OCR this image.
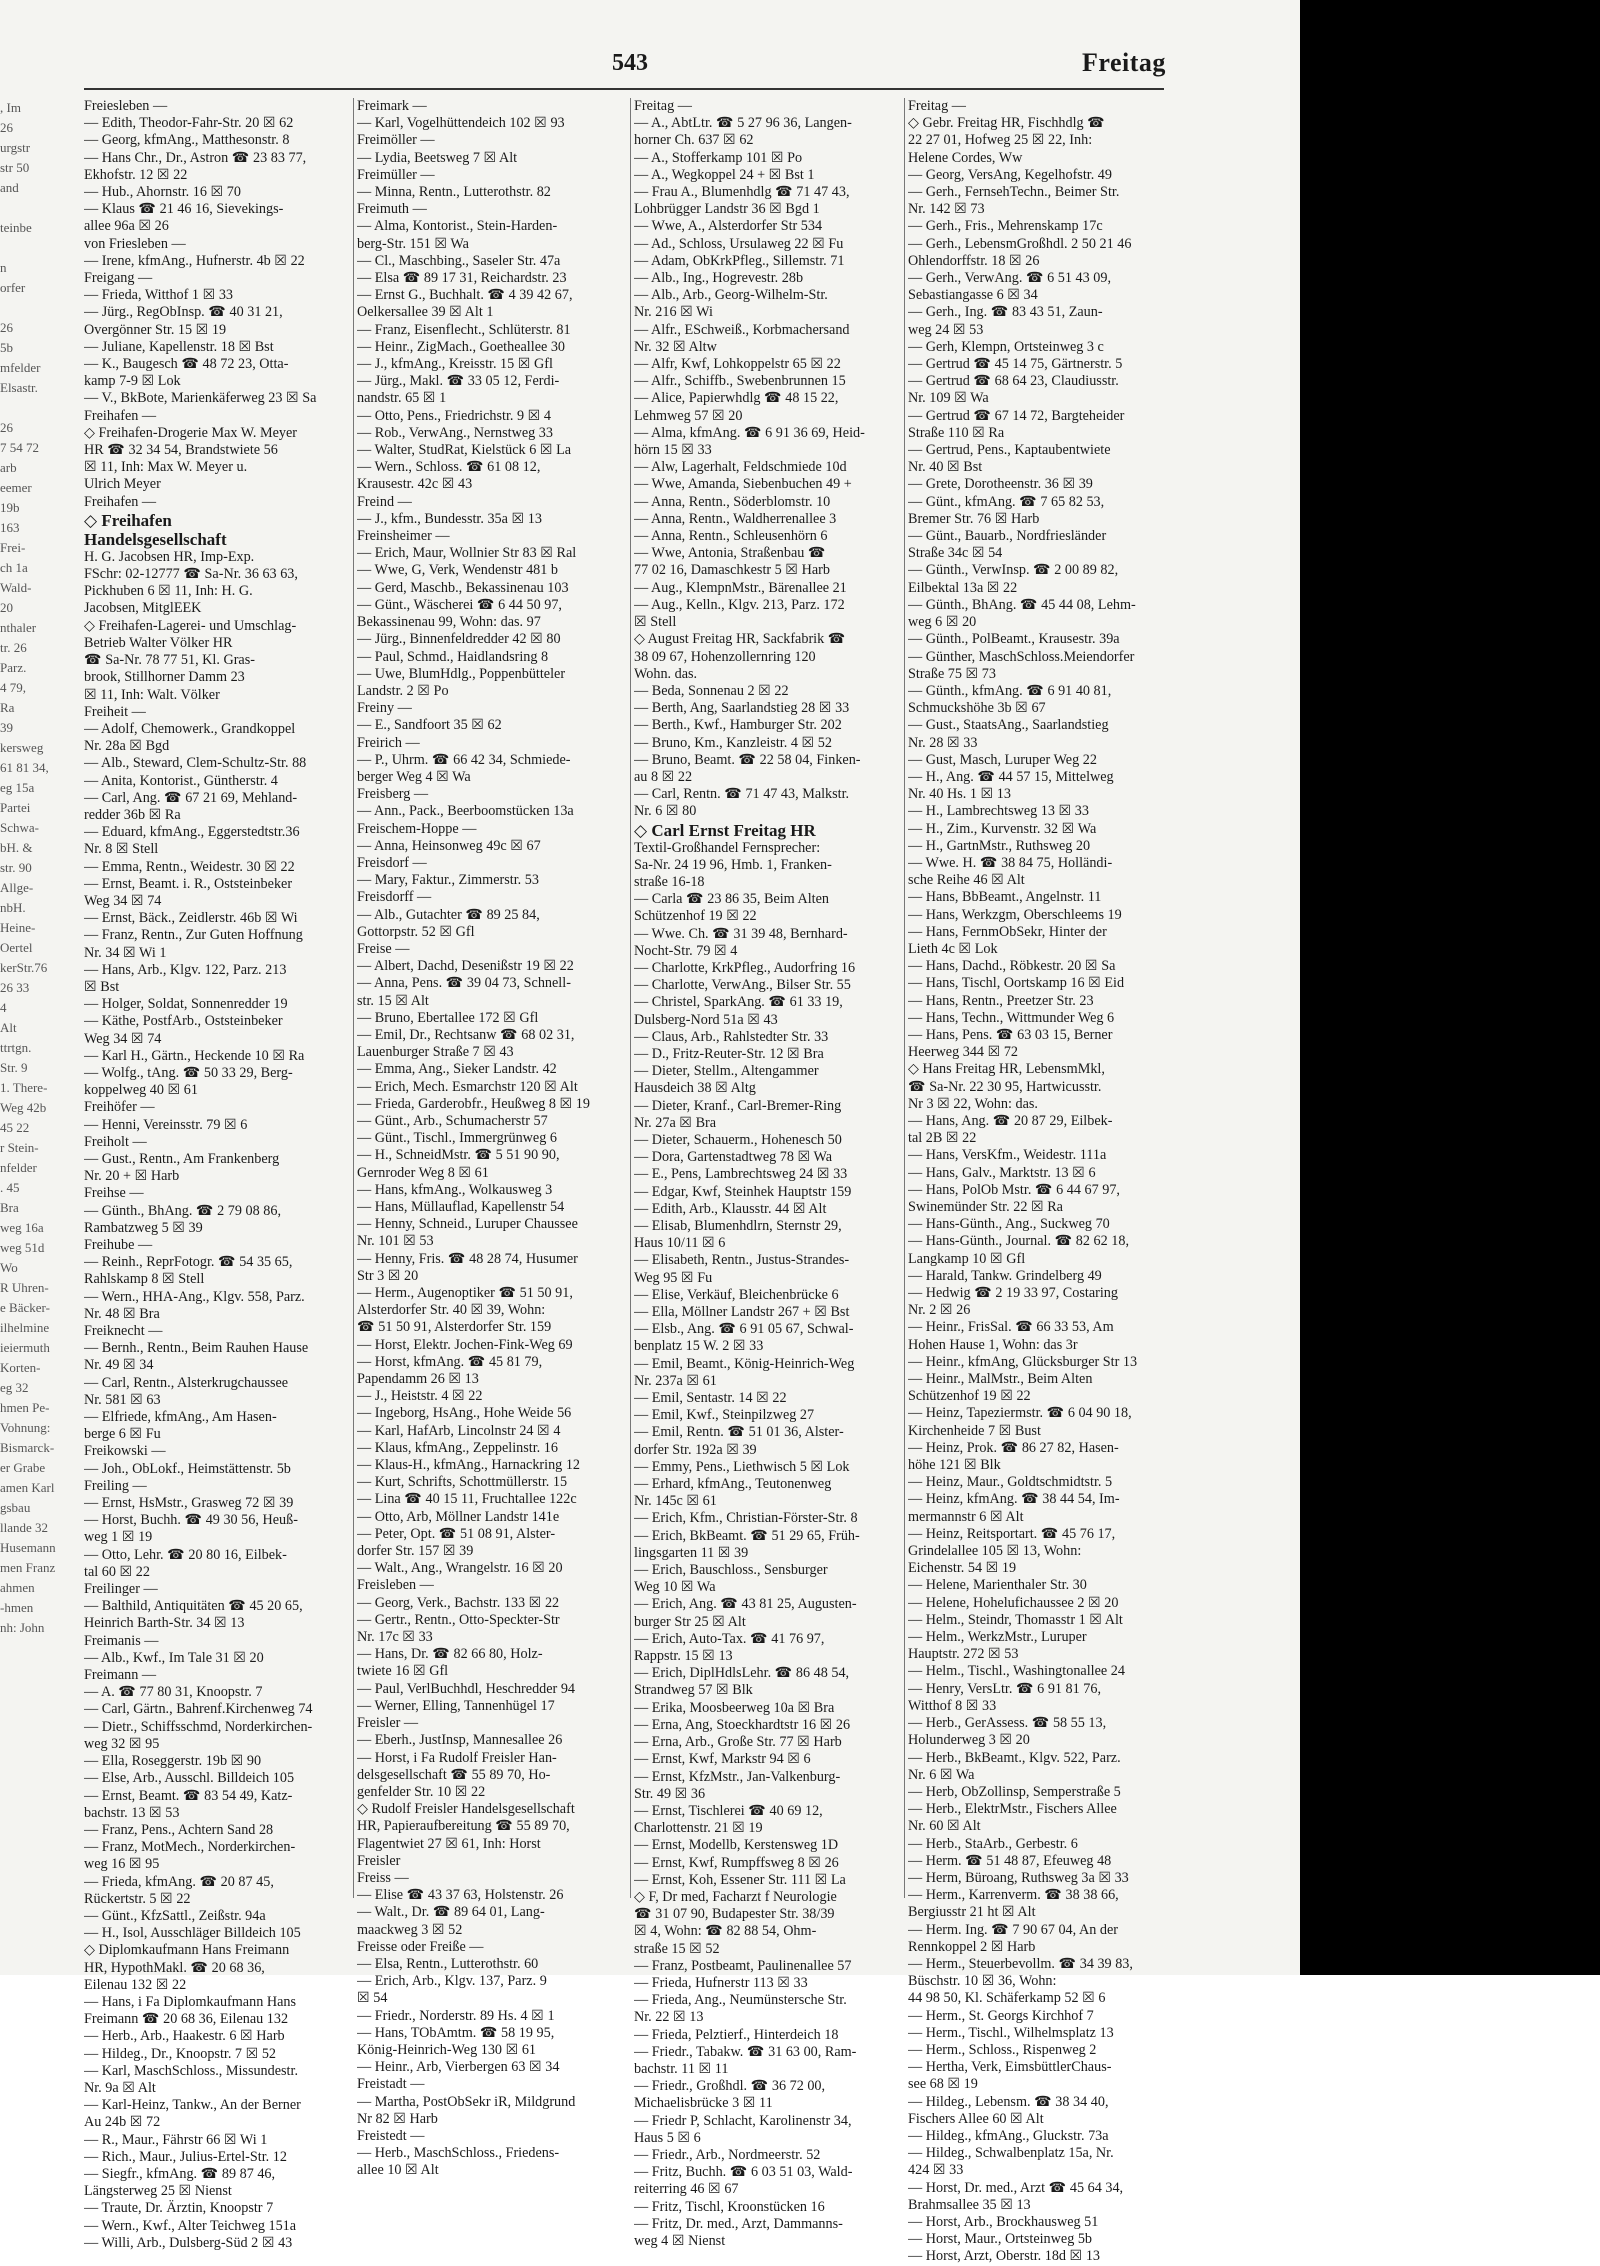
543	Freitag
, Im
26
urgstr
str 50
and

teinbe

n
orfer

26
5b
mfelder
Elsastr.

26
7 54 72
arb
eemer
19b
163
Frei-
ch 1a
Wald-
20
nthaler
tr. 26
Parz.
4 79,
Ra
39
kersweg
61 81 34,
eg 15a
Partei
Schwa-
bH. &
str. 90
Allge-
nbH.
Heine-
Oertel
kerStr.76
26 33
4
Alt
ttrtgn.
Str. 9
1. There-
Weg 42b
45 22
r Stein-
nfelder
. 45
Bra
weg 16a
weg 51d
Wo
R Uhren-
e Bäcker-
ilhelmine
ieiermuth
Korten-
eg 32
hmen Pe-
Vohnung:
Bismarck-
er Grabe
amen Karl
gsbau
llande 32
Husemann
men Franz
ahmen
-hmen
nh: John
Freiesleben —
— Edith, Theodor-Fahr-Str. 20 ☒ 62
— Georg, kfmAng., Matthesonstr. 8
— Hans Chr., Dr., Astron ☎ 23 83 77,
Ekhofstr. 12 ☒ 22
— Hub., Ahornstr. 16 ☒ 70
— Klaus ☎ 21 46 16, Sievekings-
allee 96a ☒ 26
von Friesleben —
— Irene, kfmAng., Hufnerstr. 4b ☒ 22
Freigang —
— Frieda, Witthof 1 ☒ 33
— Jürg., RegObInsp. ☎ 40 31 21,
Overgönner Str. 15 ☒ 19
— Juliane, Kapellenstr. 18 ☒ Bst
— K., Baugesch ☎ 48 72 23, Otta-
kamp 7-9 ☒ Lok
— V., BkBote, Marienkäferweg 23 ☒ Sa
Freihafen —
◇ Freihafen-Drogerie Max W. Meyer
HR ☎ 32 34 54, Brandstwiete 56
☒ 11, Inh: Max W. Meyer u.
Ulrich Meyer
Freihafen —
◇ Freihafen
Handelsgesellschaft
H. G. Jacobsen HR, Imp-Exp.
FSchr: 02-12777 ☎ Sa-Nr. 36 63 63,
Pickhuben 6 ☒ 11, Inh: H. G.
Jacobsen, MitglEEK
◇ Freihafen-Lagerei- und Umschlag-
Betrieb Walter Völker HR
☎ Sa-Nr. 78 77 51, Kl. Gras-
brook, Stillhorner Damm 23
☒ 11, Inh: Walt. Völker
Freiheit —
— Adolf, Chemowerk., Grandkoppel
Nr. 28a ☒ Bgd
— Alb., Steward, Clem-Schultz-Str. 88
— Anita, Kontorist., Güntherstr. 4
— Carl, Ang. ☎ 67 21 69, Mehland-
redder 36b ☒ Ra
— Eduard, kfmAng., Eggerstedtstr.36
Nr. 8 ☒ Stell
— Emma, Rentn., Weidestr. 30 ☒ 22
— Ernst, Beamt. i. R., Oststeinbeker
Weg 34 ☒ 74
— Ernst, Bäck., Zeidlerstr. 46b ☒ Wi
— Franz, Rentn., Zur Guten Hoffnung
Nr. 34 ☒ Wi 1
— Hans, Arb., Klgv. 122, Parz. 213
☒ Bst
— Holger, Soldat, Sonnenredder 19
— Käthe, PostfArb., Oststeinbeker
Weg 34 ☒ 74
— Karl H., Gärtn., Heckende 10 ☒ Ra
— Wolfg., tAng. ☎ 50 33 29, Berg-
koppelweg 40 ☒ 61
Freihöfer —
— Henni, Vereinsstr. 79 ☒ 6
Freiholt —
— Gust., Rentn., Am Frankenberg
Nr. 20 + ☒ Harb
Freihse —
— Günth., BhAng. ☎ 2 79 08 86,
Rambatzweg 5 ☒ 39
Freihube —
— Reinh., ReprFotogr. ☎ 54 35 65,
Rahlskamp 8 ☒ Stell
— Wern., HHA-Ang., Klgv. 558, Parz.
Nr. 48 ☒ Bra
Freiknecht —
— Bernh., Rentn., Beim Rauhen Hause
Nr. 49 ☒ 34
— Carl, Rentn., Alsterkrugchaussee
Nr. 581 ☒ 63
— Elfriede, kfmAng., Am Hasen-
berge 6 ☒ Fu
Freikowski —
— Joh., ObLokf., Heimstättenstr. 5b
Freiling —
— Ernst, HsMstr., Grasweg 72 ☒ 39
— Horst, Buchh. ☎ 49 30 56, Heuß-
weg 1 ☒ 19
— Otto, Lehr. ☎ 20 80 16, Eilbek-
tal 60 ☒ 22
Freilinger —
— Balthild, Antiquitäten ☎ 45 20 65,
Heinrich Barth-Str. 34 ☒ 13
Freimanis —
— Alb., Kwf., Im Tale 31 ☒ 20
Freimann —
— A. ☎ 77 80 31, Knoopstr. 7
— Carl, Gärtn., Bahrenf.Kirchenweg 74
— Dietr., Schiffsschmd, Norderkirchen-
weg 32 ☒ 95
— Ella, Roseggerstr. 19b ☒ 90
— Else, Arb., Ausschl. Billdeich 105
— Ernst, Beamt. ☎ 83 54 49, Katz-
bachstr. 13 ☒ 53
— Franz, Pens., Achtern Sand 28
— Franz, MotMech., Norderkirchen-
weg 16 ☒ 95
— Frieda, kfmAng. ☎ 20 87 45,
Rückertstr. 5 ☒ 22
— Günt., KfzSattl., Zeißstr. 94a
— H., Isol, Ausschläger Billdeich 105
◇ Diplomkaufmann Hans Freimann
HR, HypothMakl. ☎ 20 68 36,
Eilenau 132 ☒ 22
— Hans, i Fa Diplomkaufmann Hans
Freimann ☎ 20 68 36, Eilenau 132
— Herb., Arb., Haakestr. 6 ☒ Harb
— Hildeg., Dr., Knoopstr. 7 ☒ 52
— Karl, MaschSchloss., Missundestr.
Nr. 9a ☒ Alt
— Karl-Heinz, Tankw., An der Berner
Au 24b ☒ 72
— R., Maur., Fährstr 66 ☒ Wi 1
— Rich., Maur., Julius-Ertel-Str. 12
— Siegfr., kfmAng. ☎ 89 87 46,
Längsterweg 25 ☒ Nienst
— Traute, Dr. Ärztin, Knoopstr 7
— Wern., Kwf., Alter Teichweg 151a
— Willi, Arb., Dulsberg-Süd 2 ☒ 43
Freimark —
— Karl, Vogelhüttendeich 102 ☒ 93
Freimöller —
— Lydia, Beetsweg 7 ☒ Alt
Freimüller —
— Minna, Rentn., Lutterothstr. 82
Freimuth —
— Alma, Kontorist., Stein-Harden-
berg-Str. 151 ☒ Wa
— Cl., Maschbing., Saseler Str. 47a
— Elsa ☎ 89 17 31, Reichardstr. 23
— Ernst G., Buchhalt. ☎ 4 39 42 67,
Oelkersallee 39 ☒ Alt 1
— Franz, Eisenflecht., Schlüterstr. 81
— Heinr., ZigMach., Goetheallee 30
— J., kfmAng., Kreisstr. 15 ☒ Gfl
— Jürg., Makl. ☎ 33 05 12, Ferdi-
nandstr. 65 ☒ 1
— Otto, Pens., Friedrichstr. 9 ☒ 4
— Rob., VerwAng., Nernstweg 33
— Walter, StudRat, Kielstück 6 ☒ La
— Wern., Schloss. ☎ 61 08 12,
Krausestr. 42c ☒ 43
Freind —
— J., kfm., Bundesstr. 35a ☒ 13
Freinsheimer —
— Erich, Maur, Wollnier Str 83 ☒ Ral
— Wwe, G, Verk, Wendenstr 481 b
— Gerd, Maschb., Bekassinenau 103
— Günt., Wäscherei ☎ 6 44 50 97,
Bekassinenau 99, Wohn: das. 97
— Jürg., Binnenfeldredder 42 ☒ 80
— Paul, Schmd., Haidlandsring 8
— Uwe, BlumHdlg., Poppenbütteler
Landstr. 2 ☒ Po
Freiny —
— E., Sandfoort 35 ☒ 62
Freirich —
— P., Uhrm. ☎ 66 42 34, Schmiede-
berger Weg 4 ☒ Wa
Freisberg —
— Ann., Pack., Beerboomstücken 13a
Freischem-Hoppe —
— Anna, Heinsonweg 49c ☒ 67
Freisdorf —
— Mary, Faktur., Zimmerstr. 53
Freisdorff —
— Alb., Gutachter ☎ 89 25 84,
Gottorpstr. 52 ☒ Gfl
Freise —
— Albert, Dachd, Desenißstr 19 ☒ 22
— Anna, Pens. ☎ 39 04 73, Schnell-
str. 15 ☒ Alt
— Bruno, Ebertallee 172 ☒ Gfl
— Emil, Dr., Rechtsanw ☎ 68 02 31,
Lauenburger Straße 7 ☒ 43
— Emma, Ang., Sieker Landstr. 42
— Erich, Mech. Esmarchstr 120 ☒ Alt
— Frieda, Garderobfr., Heußweg 8 ☒ 19
— Günt., Arb., Schumacherstr 57
— Günt., Tischl., Immergrünweg 6
— H., SchneidMstr. ☎ 5 51 90 90,
Gernroder Weg 8 ☒ 61
— Hans, kfmAng., Wolkausweg 3
— Hans, Müllauflad, Kapellenstr 54
— Henny, Schneid., Luruper Chaussee
Nr. 101 ☒ 53
— Henny, Fris. ☎ 48 28 74, Husumer
Str 3 ☒ 20
— Herm., Augenoptiker ☎ 51 50 91,
Alsterdorfer Str. 40 ☒ 39, Wohn:
☎ 51 50 91, Alsterdorfer Str. 159
— Horst, Elektr. Jochen-Fink-Weg 69
— Horst, kfmAng. ☎ 45 81 79,
Papendamm 26 ☒ 13
— J., Heiststr. 4 ☒ 22
— Ingeborg, HsAng., Hohe Weide 56
— Karl, HafArb, Lincolnstr 24 ☒ 4
— Klaus, kfmAng., Zeppelinstr. 16
— Klaus-H., kfmAng., Harnackring 12
— Kurt, Schrifts, Schottmüllerstr. 15
— Lina ☎ 40 15 11, Fruchtallee 122c
— Otto, Arb, Möllner Landstr 141e
— Peter, Opt. ☎ 51 08 91, Alster-
dorfer Str. 157 ☒ 39
— Walt., Ang., Wrangelstr. 16 ☒ 20
Freisleben —
— Georg, Verk., Bachstr. 133 ☒ 22
— Gertr., Rentn., Otto-Speckter-Str
Nr. 17c ☒ 33
— Hans, Dr. ☎ 82 66 80, Holz-
twiete 16 ☒ Gfl
— Paul, VerlBuchhdl, Heschredder 94
— Werner, Elling, Tannenhügel 17
Freisler —
— Eberh., JustInsp, Mannesallee 26
— Horst, i Fa Rudolf Freisler Han-
delsgesellschaft ☎ 55 89 70, Ho-
genfelder Str. 10 ☒ 22
◇ Rudolf Freisler Handelsgesellschaft
HR, Papieraufbereitung ☎ 55 89 70,
Flagentwiet 27 ☒ 61, Inh: Horst
Freisler
Freiss —
— Elise ☎ 43 37 63, Holstenstr. 26
— Walt., Dr. ☎ 89 64 01, Lang-
maackweg 3 ☒ 52
Freisse oder Freiße —
— Elsa, Rentn., Lutterothstr. 60
— Erich, Arb., Klgv. 137, Parz. 9
☒ 54
— Friedr., Norderstr. 89 Hs. 4 ☒ 1
— Hans, TObAmtm. ☎ 58 19 95,
König-Heinrich-Weg 130 ☒ 61
— Heinr., Arb, Vierbergen 63 ☒ 34
Freistadt —
— Martha, PostObSekr iR, Mildgrund
Nr 82 ☒ Harb
Freistedt —
— Herb., MaschSchloss., Friedens-
allee 10 ☒ Alt
Freitag —
— A., AbtLtr. ☎ 5 27 96 36, Langen-
horner Ch. 637 ☒ 62
— A., Stofferkamp 101 ☒ Po
— A., Wegkoppel 24 + ☒ Bst 1
— Frau A., Blumenhdlg ☎ 71 47 43,
Lohbrügger Landstr 36 ☒ Bgd 1
— Wwe, A., Alsterdorfer Str 534
— Ad., Schloss, Ursulaweg 22 ☒ Fu
— Adam, ObKrkPfleg., Sillemstr. 71
— Alb., Ing., Hogrevestr. 28b
— Alb., Arb., Georg-Wilhelm-Str.
Nr. 216 ☒ Wi
— Alfr., ESchweiß., Korbmachersand
Nr. 32 ☒ Altw
— Alfr, Kwf, Lohkoppelstr 65 ☒ 22
— Alfr., Schiffb., Swebenbrunnen 15
— Alice, Papierwhdlg ☎ 48 15 22,
Lehmweg 57 ☒ 20
— Alma, kfmAng. ☎ 6 91 36 69, Heid-
hörn 15 ☒ 33
— Alw, Lagerhalt, Feldschmiede 10d
— Wwe, Amanda, Siebenbuchen 49 +
— Anna, Rentn., Söderblomstr. 10
— Anna, Rentn., Waldherrenallee 3
— Anna, Rentn., Schleusenhörn 6
— Wwe, Antonia, Straßenbau ☎
77 02 16, Damaschkestr 5 ☒ Harb
— Aug., KlempnMstr., Bärenallee 21
— Aug., Kelln., Klgv. 213, Parz. 172
☒ Stell
◇ August Freitag HR, Sackfabrik ☎
38 09 67, Hohenzollernring 120
Wohn. das.
— Beda, Sonnenau 2 ☒ 22
— Berth, Ang, Saarlandstieg 28 ☒ 33
— Berth., Kwf., Hamburger Str. 202
— Bruno, Km., Kanzleistr. 4 ☒ 52
— Bruno, Beamt. ☎ 22 58 04, Finken-
au 8 ☒ 22
— Carl, Rentn. ☎ 71 47 43, Malkstr.
Nr. 6 ☒ 80
◇ Carl Ernst Freitag HR
Textil-Großhandel Fernsprecher:
Sa-Nr. 24 19 96, Hmb. 1, Franken-
straße 16-18
— Carla ☎ 23 86 35, Beim Alten
Schützenhof 19 ☒ 22
— Wwe. Ch. ☎ 31 39 48, Bernhard-
Nocht-Str. 79 ☒ 4
— Charlotte, KrkPfleg., Audorfring 16
— Charlotte, VerwAng., Bilser Str. 55
— Christel, SparkAng. ☎ 61 33 19,
Dulsberg-Nord 51a ☒ 43
— Claus, Arb., Rahlstedter Str. 33
— D., Fritz-Reuter-Str. 12 ☒ Bra
— Dieter, Stellm., Altengammer
Hausdeich 38 ☒ Altg
— Dieter, Kranf., Carl-Bremer-Ring
Nr. 27a ☒ Bra
— Dieter, Schauerm., Hohenesch 50
— Dora, Gartenstadtweg 78 ☒ Wa
— E., Pens, Lambrechtsweg 24 ☒ 33
— Edgar, Kwf, Steinhek Hauptstr 159
— Edith, Arb., Klausstr. 44 ☒ Alt
— Elisab, Blumenhdlrn, Sternstr 29,
Haus 10/11 ☒ 6
— Elisabeth, Rentn., Justus-Strandes-
Weg 95 ☒ Fu
— Elise, Verkäuf, Bleichenbrücke 6
— Ella, Möllner Landstr 267 + ☒ Bst
— Elsb., Ang. ☎ 6 91 05 67, Schwal-
benplatz 15 W. 2 ☒ 33
— Emil, Beamt., König-Heinrich-Weg
Nr. 237a ☒ 61
— Emil, Sentastr. 14 ☒ 22
— Emil, Kwf., Steinpilzweg 27
— Emil, Rentn. ☎ 51 01 36, Alster-
dorfer Str. 192a ☒ 39
— Emmy, Pens., Liethwisch 5 ☒ Lok
— Erhard, kfmAng., Teutonenweg
Nr. 145c ☒ 61
— Erich, Kfm., Christian-Förster-Str. 8
— Erich, BkBeamt. ☎ 51 29 65, Früh-
lingsgarten 11 ☒ 39
— Erich, Bauschloss., Sensburger
Weg 10 ☒ Wa
— Erich, Ang. ☎ 43 81 25, Augusten-
burger Str 25 ☒ Alt
— Erich, Auto-Tax. ☎ 41 76 97,
Rappstr. 15 ☒ 13
— Erich, DiplHdlsLehr. ☎ 86 48 54,
Strandweg 57 ☒ Blk
— Erika, Moosbeerweg 10a ☒ Bra
— Erna, Ang, Stoeckhardtstr 16 ☒ 26
— Erna, Arb., Große Str. 77 ☒ Harb
— Ernst, Kwf, Markstr 94 ☒ 6
— Ernst, KfzMstr., Jan-Valkenburg-
Str. 49 ☒ 36
— Ernst, Tischlerei ☎ 40 69 12,
Charlottenstr. 21 ☒ 19
— Ernst, Modellb, Kerstensweg 1D
— Ernst, Kwf, Rumpffsweg 8 ☒ 26
— Ernst, Koh, Essener Str. 111 ☒ La
◇ F, Dr med, Facharzt f Neurologie
☎ 31 07 90, Budapester Str. 38/39
☒ 4, Wohn: ☎ 82 88 54, Ohm-
straße 15 ☒ 52
— Franz, Postbeamt, Paulinenallee 57
— Frieda, Hufnerstr 113 ☒ 33
— Frieda, Ang., Neumünstersche Str.
Nr. 22 ☒ 13
— Frieda, Pelztierf., Hinterdeich 18
— Friedr., Tabakw. ☎ 31 63 00, Ram-
bachstr. 11 ☒ 11
— Friedr., Großhdl. ☎ 36 72 00,
Michaelisbrücke 3 ☒ 11
— Friedr P, Schlacht, Karolinenstr 34,
Haus 5 ☒ 6
— Friedr., Arb., Nordmeerstr. 52
— Fritz, Buchh. ☎ 6 03 51 03, Wald-
reiterring 46 ☒ 67
— Fritz, Tischl, Kroonstücken 16
— Fritz, Dr. med., Arzt, Dammanns-
weg 4 ☒ Nienst
Freitag —
◇ Gebr. Freitag HR, Fischhdlg ☎
22 27 01, Hofweg 25 ☒ 22, Inh:
Helene Cordes, Ww
— Georg, VersAng, Kegelhofstr. 49
— Gerh., FernsehTechn., Beimer Str.
Nr. 142 ☒ 73
— Gerh., Fris., Mehrenskamp 17c
— Gerh., LebensmGroßhdl. 2 50 21 46
Ohlendorffstr. 18 ☒ 26
— Gerh., VerwAng. ☎ 6 51 43 09,
Sebastiangasse 6 ☒ 34
— Gerh., Ing. ☎ 83 43 51, Zaun-
weg 24 ☒ 53
— Gerh, Klempn, Ortsteinweg 3 c
— Gertrud ☎ 45 14 75, Gärtnerstr. 5
— Gertrud ☎ 68 64 23, Claudiusstr.
Nr. 109 ☒ Wa
— Gertrud ☎ 67 14 72, Bargteheider
Straße 110 ☒ Ra
— Gertrud, Pens., Kaptaubentwiete
Nr. 40 ☒ Bst
— Grete, Dorotheenstr. 36 ☒ 39
— Günt., kfmAng. ☎ 7 65 82 53,
Bremer Str. 76 ☒ Harb
— Günt., Bauarb., Nordfriesländer
Straße 34c ☒ 54
— Günth., VerwInsp. ☎ 2 00 89 82,
Eilbektal 13a ☒ 22
— Günth., BhAng. ☎ 45 44 08, Lehm-
weg 6 ☒ 20
— Günth., PolBeamt., Krausestr. 39a
— Günther, MaschSchloss.Meiendorfer
Straße 75 ☒ 73
— Günth., kfmAng. ☎ 6 91 40 81,
Schmuckshöhe 3b ☒ 67
— Gust., StaatsAng., Saarlandstieg
Nr. 28 ☒ 33
— Gust, Masch, Luruper Weg 22
— H., Ang. ☎ 44 57 15, Mittelweg
Nr. 40 Hs. 1 ☒ 13
— H., Lambrechtsweg 13 ☒ 33
— H., Zim., Kurvenstr. 32 ☒ Wa
— H., GartnMstr., Ruthsweg 20
— Wwe. H. ☎ 38 84 75, Holländi-
sche Reihe 46 ☒ Alt
— Hans, BbBeamt., Angelnstr. 11
— Hans, Werkzgm, Oberschleems 19
— Hans, FernmObSekr, Hinter der
Lieth 4c ☒ Lok
— Hans, Dachd., Röbkestr. 20 ☒ Sa
— Hans, Tischl, Oortskamp 16 ☒ Eid
— Hans, Rentn., Preetzer Str. 23
— Hans, Techn., Wittmunder Weg 6
— Hans, Pens. ☎ 63 03 15, Berner
Heerweg 344 ☒ 72
◇ Hans Freitag HR, LebensmMkl,
☎ Sa-Nr. 22 30 95, Hartwicusstr.
Nr 3 ☒ 22, Wohn: das.
— Hans, Ang. ☎ 20 87 29, Eilbek-
tal 2B ☒ 22
— Hans, VersKfm., Weidestr. 111a
— Hans, Galv., Marktstr. 13 ☒ 6
— Hans, PolOb Mstr. ☎ 6 44 67 97,
Swinemünder Str. 22 ☒ Ra
— Hans-Günth., Ang., Suckweg 70
— Hans-Günth., Journal. ☎ 82 62 18,
Langkamp 10 ☒ Gfl
— Harald, Tankw. Grindelberg 49
— Hedwig ☎ 2 19 33 97, Costaring
Nr. 2 ☒ 26
— Heinr., FrisSal. ☎ 66 33 53, Am
Hohen Hause 1, Wohn: das 3r
— Heinr., kfmAng, Glücksburger Str 13
— Heinr., MalMstr., Beim Alten
Schützenhof 19 ☒ 22
— Heinz, Tapeziermstr. ☎ 6 04 90 18,
Kirchenheide 7 ☒ Bust
— Heinz, Prok. ☎ 86 27 82, Hasen-
höhe 121 ☒ Blk
— Heinz, Maur., Goldtschmidtstr. 5
— Heinz, kfmAng. ☎ 38 44 54, Im-
mermannstr 6 ☒ Alt
— Heinz, Reitsportart. ☎ 45 76 17,
Grindelallee 105 ☒ 13, Wohn:
Eichenstr. 54 ☒ 19
— Helene, Marienthaler Str. 30
— Helene, Hohelufichaussee 2 ☒ 20
— Helm., Steindr, Thomasstr 1 ☒ Alt
— Helm., WerkzMstr., Luruper
Hauptstr. 272 ☒ 53
— Helm., Tischl., Washingtonallee 24
— Henry, VersLtr. ☎ 6 91 81 76,
Witthof 8 ☒ 33
— Herb., GerAssess. ☎ 58 55 13,
Holunderweg 3 ☒ 20
— Herb., BkBeamt., Klgv. 522, Parz.
Nr. 6 ☒ Wa
— Herb, ObZollinsp, Semperstraße 5
— Herb., ElektrMstr., Fischers Allee
Nr. 60 ☒ Alt
— Herb., StaArb., Gerbestr. 6
— Herm. ☎ 51 48 87, Efeuweg 48
— Herm, Büroang, Ruthsweg 3a ☒ 33
— Herm., Karrenverm. ☎ 38 38 66,
Bergiusstr 21 ht ☒ Alt
— Herm. Ing. ☎ 7 90 67 04, An der
Rennkoppel 2 ☒ Harb
— Herm., Steuerbevollm. ☎ 34 39 83,
Büschstr. 10 ☒ 36, Wohn:
44 98 50, Kl. Schäferkamp 52 ☒ 6
— Herm., St. Georgs Kirchhof 7
— Herm., Tischl., Wilhelmsplatz 13
— Herm., Schloss., Rispenweg 2
— Hertha, Verk, EimsbüttlerChaus-
see 68 ☒ 19
— Hildeg., Lebensm. ☎ 38 34 40,
Fischers Allee 60 ☒ Alt
— Hildeg., kfmAng., Gluckstr. 73a
— Hildeg., Schwalbenplatz 15a, Nr.
424 ☒ 33
— Horst, Dr. med., Arzt ☎ 45 64 34,
Brahmsallee 35 ☒ 13
— Horst, Arb., Brockhausweg 51
— Horst, Maur., Ortsteinweg 5b
— Horst, Arzt, Oberstr. 18d ☒ 13
